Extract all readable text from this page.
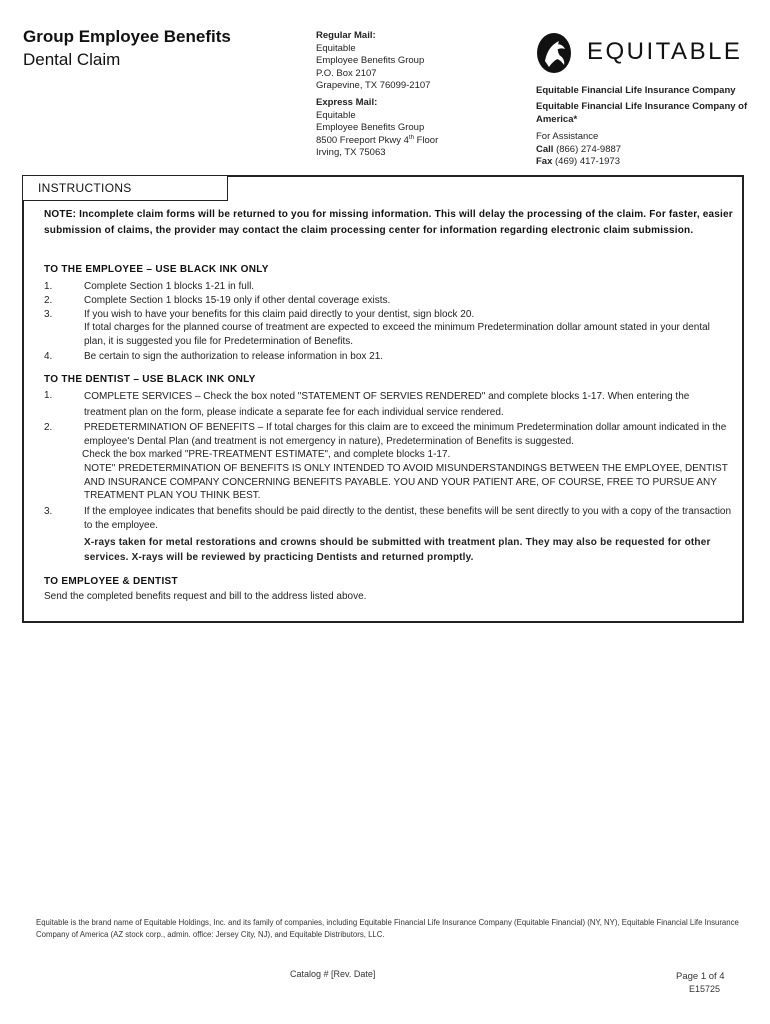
Group Employee Benefits
Dental Claim
Regular Mail:
Equitable
Employee Benefits Group
P.O. Box 2107
Grapevine, TX 76099-2107
Express Mail:
Equitable
Employee Benefits Group
8500 Freeport Pkwy 4th Floor
Irving, TX 75063
EQUITABLE
Equitable Financial Life Insurance Company
Equitable Financial Life Insurance Company of America*
For Assistance
Call (866) 274-9887
Fax (469) 417-1973
INSTRUCTIONS
NOTE: Incomplete claim forms will be returned to you for missing information. This will delay the processing of the claim. For faster, easier submission of claims, the provider may contact the claim processing center for information regarding electronic claim submission.
TO THE EMPLOYEE – USE BLACK INK ONLY
1.	Complete Section 1 blocks 1-21 in full.
2.	Complete Section 1 blocks 15-19 only if other dental coverage exists.
3.	If you wish to have your benefits for this claim paid directly to your dentist, sign block 20.
If total charges for the planned course of treatment are expected to exceed the minimum Predetermination dollar amount stated in your dental plan, it is suggested you file for Predetermination of Benefits.
4.	Be certain to sign the authorization to release information in box 21.
TO THE DENTIST – USE BLACK INK ONLY
1.	COMPLETE SERVICES – Check the box noted "STATEMENT OF SERVIES RENDERED" and complete blocks 1-17. When entering the treatment plan on the form, please indicate a separate fee for each individual service rendered.
2.	PREDETERMINATION OF BENEFITS – If total charges for this claim are to exceed the minimum Predetermination dollar amount indicated in the employee's Dental Plan (and treatment is not emergency in nature), Predetermination of Benefits is suggested.
Check the box marked "PRE-TREATMENT ESTIMATE", and complete blocks 1-17.
NOTE" PREDETERMINATION OF BENEFITS IS ONLY INTENDED TO AVOID MISUNDERSTANDINGS BETWEEN THE EMPLOYEE, DENTIST AND INSURANCE COMPANY CONCERNING BENEFITS PAYABLE. YOU AND YOUR PATIENT ARE, OF COURSE, FREE TO PURSUE ANY TREATMENT PLAN YOU THINK BEST.
3.	If the employee indicates that benefits should be paid directly to the dentist, these benefits will be sent directly to you with a copy of the transaction to the employee.
X-rays taken for metal restorations and crowns should be submitted with treatment plan. They may also be requested for other services. X-rays will be reviewed by practicing Dentists and returned promptly.
TO EMPLOYEE & DENTIST
Send the completed benefits request and bill to the address listed above.
Equitable is the brand name of Equitable Holdings, Inc. and its family of companies, including Equitable Financial Life Insurance Company (Equitable Financial) (NY, NY), Equitable Financial Life Insurance Company of America (AZ stock corp., admin. office: Jersey City, NJ), and Equitable Distributors, LLC.
Catalog # [Rev. Date]	Page 1 of 4
E15725
